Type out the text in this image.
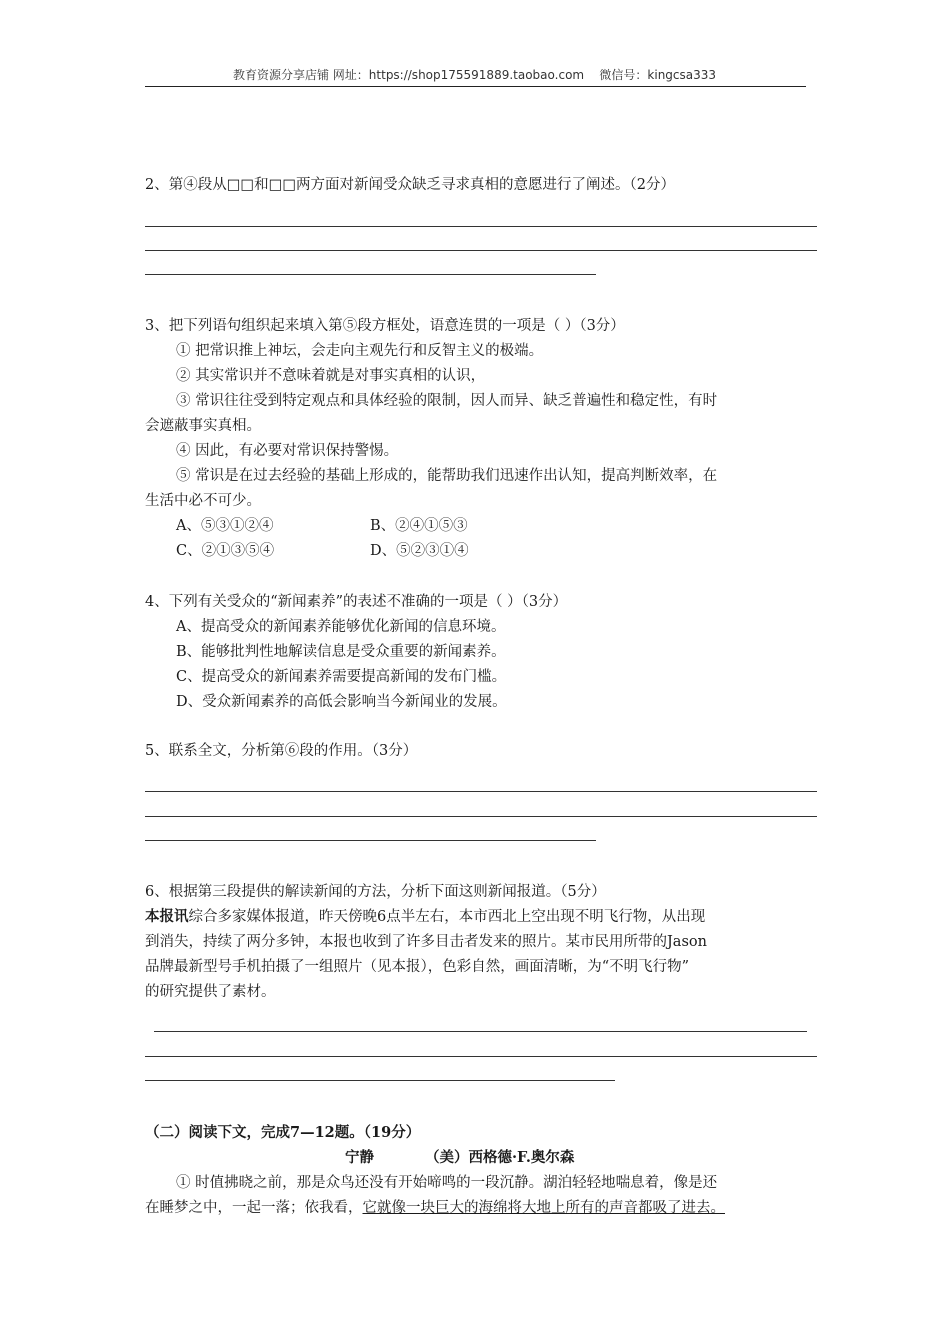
教育资源分享店铺 网址：https://shop175591889.taobao.com 微信号：kingcsa333
2、第④段从□□和□□两方面对新闻受众缺乏寻求真相的意愿进行了阐述。（2分）
3、把下列语句组织起来填入第⑤段方框处，语意连贯的一项是（ ）（3分）
① 把常识推上神坛，会走向主观先行和反智主义的极端。
② 其实常识并不意味着就是对事实真相的认识，
③ 常识往往受到特定观点和具体经验的限制，因人而异、缺乏普遍性和稳定性，有时
会遮蔽事实真相。
④ 因此，有必要对常识保持警惕。
⑤ 常识是在过去经验的基础上形成的，能帮助我们迅速作出认知，提高判断效率，在
生活中必不可少。
A、⑤③①②④	B、②④①⑤③
C、②①③⑤④	D、⑤②③①④
4、下列有关受众的“新闻素养”的表述不准确的一项是（ ）（3分）
A、提高受众的新闻素养能够优化新闻的信息环境。
B、能够批判性地解读信息是受众重要的新闻素养。
C、提高受众的新闻素养需要提高新闻的发布门槛。
D、受众新闻素养的高低会影响当今新闻业的发展。
5、联系全文，分析第⑥段的作用。（3分）
6、根据第三段提供的解读新闻的方法，分析下面这则新闻报道。（5分）
本报讯综合多家媒体报道，昨天傍晚6点半左右，本市西北上空出现不明飞行物，从出现
到消失，持续了两分多钟，本报也收到了许多目击者发来的照片。某市民用所带的Jason
品牌最新型号手机拍摄了一组照片（见本报），色彩自然，画面清晰，为“不明飞行物”
的研究提供了素材。
（二）阅读下文，完成7—12题。（19分）
宁静	（美）西格德·F.奥尔森
① 时值拂晓之前，那是众鸟还没有开始啼鸣的一段沉静。湖泊轻轻地喘息着，像是还
在睡梦之中，一起一落；依我看，它就像一块巨大的海绵将大地上所有的声音都吸了进去。
